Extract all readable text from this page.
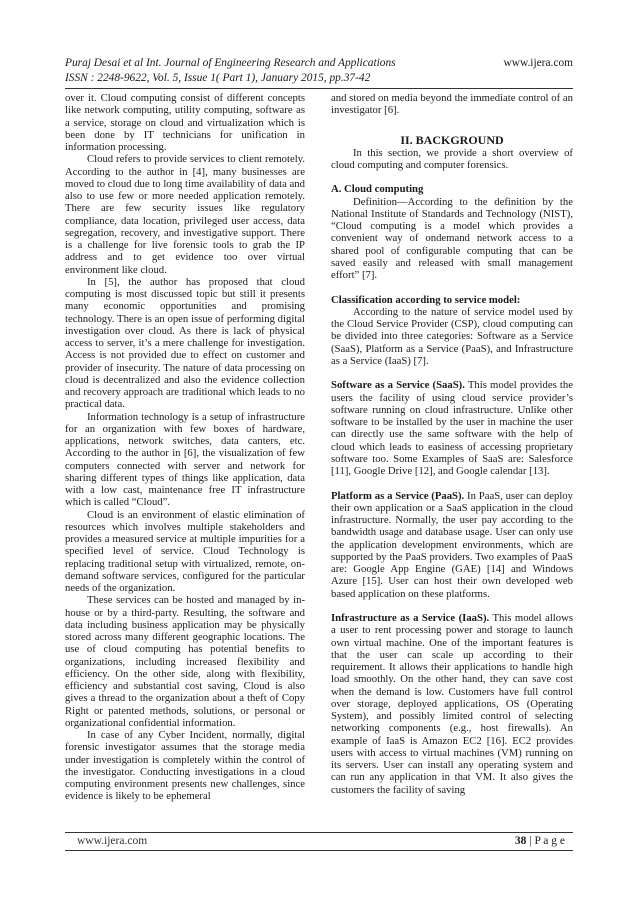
Puraj Desai et al Int. Journal of Engineering Research and Applications	www.ijera.com
ISSN : 2248-9622, Vol. 5, Issue 1( Part 1), January 2015, pp.37-42

over it. Cloud computing consist of different concepts like network computing, utility computing, software as a service, storage on cloud and virtualization which is been done by IT technicians for unification in information processing.

Cloud refers to provide services to client remotely. According to the author in [4], many businesses are moved to cloud due to long time availability of data and also to use few or more needed application remotely. There are few security issues like regulatory compliance, data location, privileged user access, data segregation, recovery, and investigative support. There is a challenge for live forensic tools to grab the IP address and to get evidence too over virtual environment like cloud.

In [5], the author has proposed that cloud computing is most discussed topic but still it presents many economic opportunities and promising technology. There is an open issue of performing digital investigation over cloud. As there is lack of physical access to server, it’s a mere challenge for investigation. Access is not provided due to effect on customer and provider of insecurity. The nature of data processing on cloud is decentralized and also the evidence collection and recovery approach are traditional which leads to no practical data.

Information technology is a setup of infrastructure for an organization with few boxes of hardware, applications, network switches, data canters, etc. According to the author in [6], the visualization of few computers connected with server and network for sharing different types of things like application, data with a low cast, maintenance free IT infrastructure which is called “Cloud”.

Cloud is an environment of elastic elimination of resources which involves multiple stakeholders and provides a measured service at multiple impurities for a specified level of service. Cloud Technology is replacing traditional setup with virtualized, remote, on-demand software services, configured for the particular needs of the organization.

These services can be hosted and managed by in-house or by a third-party. Resulting, the software and data including business application may be physically stored across many different geographic locations. The use of cloud computing has potential benefits to organizations, including increased flexibility and efficiency. On the other side, along with flexibility, efficiency and substantial cost saving, Cloud is also gives a thread to the organization about a theft of Copy Right or patented methods, solutions, or personal or organizational confidential information.

In case of any Cyber Incident, normally, digital forensic investigator assumes that the storage media under investigation is completely within the control of the investigator. Conducting investigations in a cloud computing environment presents new challenges, since evidence is likely to be ephemeral

and stored on media beyond the immediate control of an investigator [6].

II. BACKGROUND

In this section, we provide a short overview of cloud computing and computer forensics.

A. Cloud computing

Definition—According to the definition by the National Institute of Standards and Technology (NIST), “Cloud computing is a model which provides a convenient way of ondemand network access to a shared pool of configurable computing that can be saved easily and released with small management effort” [7].

Classification according to service model:

According to the nature of service model used by the Cloud Service Provider (CSP), cloud computing can be divided into three categories: Software as a Service (SaaS), Platform as a Service (PaaS), and Infrastructure as a Service (IaaS) [7].

Software as a Service (SaaS). This model provides the users the facility of using cloud service provider’s software running on cloud infrastructure. Unlike other software to be installed by the user in machine the user can directly use the same software with the help of cloud which leads to easiness of accessing proprietary software too. Some Examples of SaaS are: Salesforce [11], Google Drive [12], and Google calendar [13].

Platform as a Service (PaaS). In PaaS, user can deploy their own application or a SaaS application in the cloud infrastructure. Normally, the user pay according to the bandwidth usage and database usage. User can only use the application development environments, which are supported by the PaaS providers. Two examples of PaaS are: Google App Engine (GAE) [14] and Windows Azure [15]. User can host their own developed web based application on these platforms.

Infrastructure as a Service (IaaS). This model allows a user to rent processing power and storage to launch own virtual machine. One of the important features is that the user can scale up according to their requirement. It allows their applications to handle high load smoothly. On the other hand, they can save cost when the demand is low. Customers have full control over storage, deployed applications, OS (Operating System), and possibly limited control of selecting networking components (e.g., host firewalls). An example of IaaS is Amazon EC2 [16]. EC2 provides users with access to virtual machines (VM) running on its servers. User can install any operating system and can run any application in that VM. It also gives the customers the facility of saving

www.ijera.com	38 | P a g e
